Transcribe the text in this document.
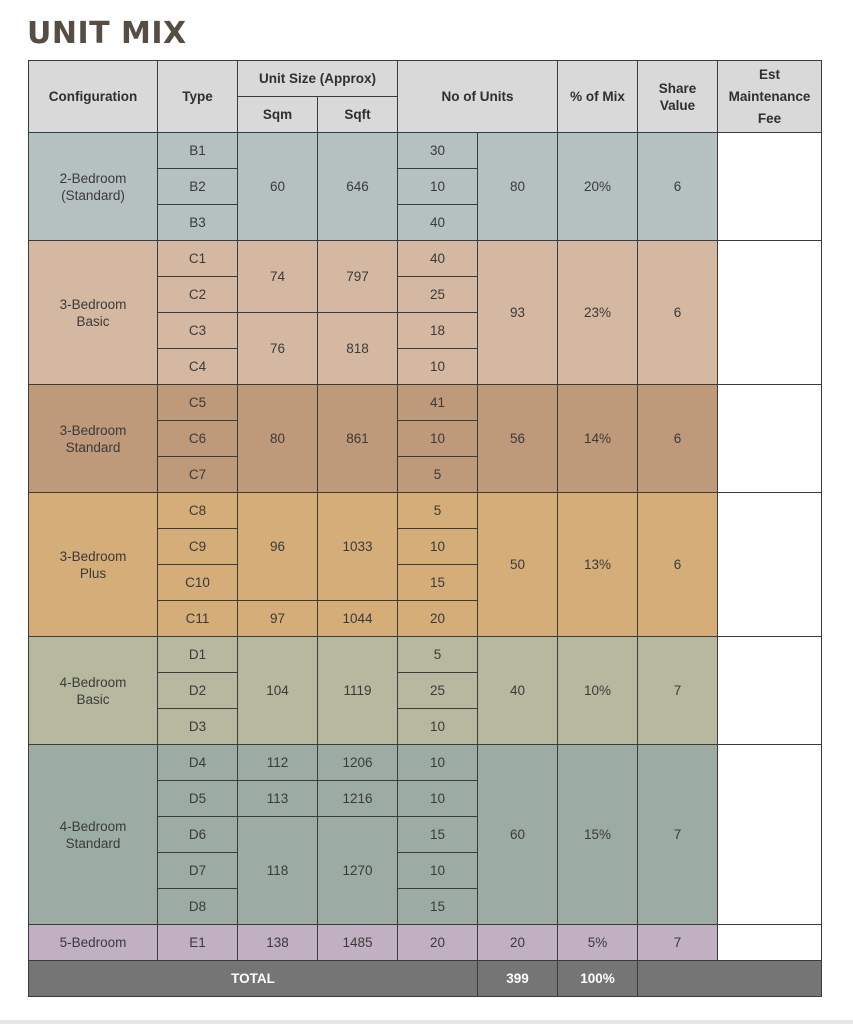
UNIT MIX
Configuration	Type	Unit Size (Approx)		No of Units		% of Mix	Share Value	Est Maintenance Fee
		Sqm	Sqft					
2-Bedroom (Standard)	B1	60	646	30	80	20%	6	
	B2			10				
	B3			40				
3-Bedroom Basic	C1	74	797	40	93	23%	6	
	C2			25				
	C3	76	818	18				
	C4			10				
3-Bedroom Standard	C5	80	861	41	56	14%	6	
	C6			10				
	C7			5				
3-Bedroom Plus	C8	96	1033	5	50	13%	6	
	C9			10				
	C10			15				
	C11	97	1044	20				
4-Bedroom Basic	D1	104	1119	5	40	10%	7	
	D2			25				
	D3			10				
4-Bedroom Standard	D4	112	1206	10	60	15%	7	
	D5	113	1216	10				
	D6	118	1270	15				
	D7			10				
	D8			15				
5-Bedroom	E1	138	1485	20	20	5%	7	
TOTAL					399	100%		
